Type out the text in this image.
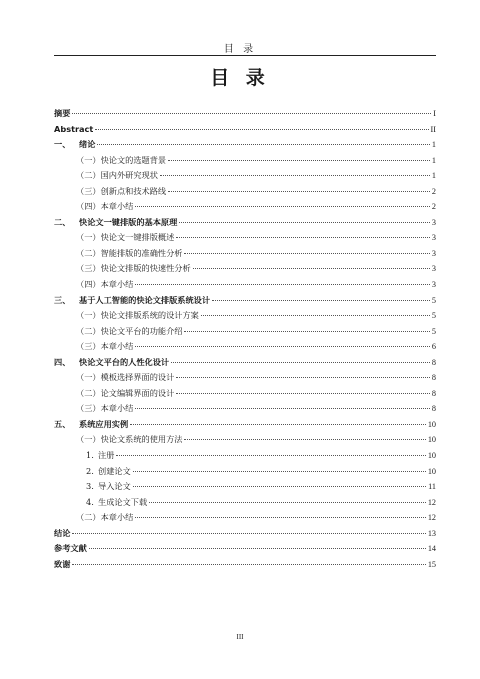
目 录
目 录
摘要	I
Abstract	II
一、 绪论	1
（一）快论文的选题背景	1
（二）国内外研究现状	1
（三）创新点和技术路线	2
（四）本章小结	2
二、 快论文一键排版的基本原理	3
（一）快论文一键排版概述	3
（二）智能排版的准确性分析	3
（三）快论文排版的快速性分析	3
（四）本章小结	3
三、 基于人工智能的快论文排版系统设计	5
（一）快论文排版系统的设计方案	5
（二）快论文平台的功能介绍	5
（三）本章小结	6
四、 快论文平台的人性化设计	8
（一）模板选择界面的设计	8
（二）论文编辑界面的设计	8
（三）本章小结	8
五、 系统应用实例	10
（一）快论文系统的使用方法	10
1. 注册	10
2. 创建论文	10
3. 导入论文	11
4. 生成论文下载	12
（二）本章小结	12
结论	13
参考文献	14
致谢	15
III
